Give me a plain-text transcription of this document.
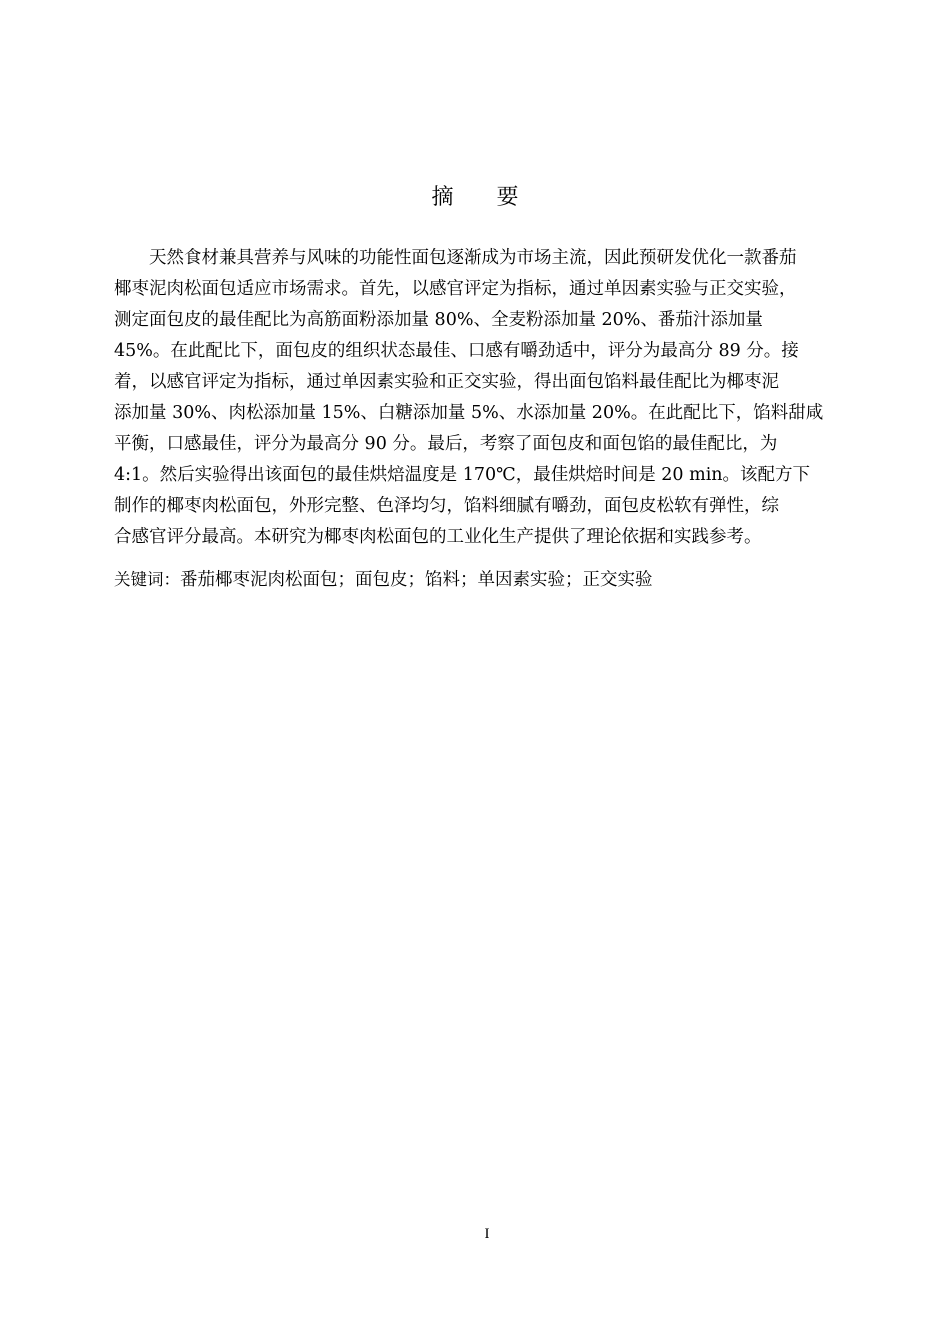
摘 要
天然食材兼具营养与风味的功能性面包逐渐成为市场主流，因此预研发优化一款番茄
椰枣泥肉松面包适应市场需求。首先，以感官评定为指标，通过单因素实验与正交实验，
测定面包皮的最佳配比为高筋面粉添加量 80%、全麦粉添加量 20%、番茄汁添加量
45%。在此配比下，面包皮的组织状态最佳、口感有嚼劲适中，评分为最高分 89 分。接
着，以感官评定为指标，通过单因素实验和正交实验，得出面包馅料最佳配比为椰枣泥
添加量 30%、肉松添加量 15%、白糖添加量 5%、水添加量 20%。在此配比下，馅料甜咸
平衡，口感最佳，评分为最高分 90 分。最后，考察了面包皮和面包馅的最佳配比，为
4:1。然后实验得出该面包的最佳烘焙温度是 170℃，最佳烘焙时间是 20 min。该配方下
制作的椰枣肉松面包，外形完整、色泽均匀，馅料细腻有嚼劲，面包皮松软有弹性，综
合感官评分最高。本研究为椰枣肉松面包的工业化生产提供了理论依据和实践参考。
关键词：番茄椰枣泥肉松面包；面包皮；馅料；单因素实验；正交实验
I
